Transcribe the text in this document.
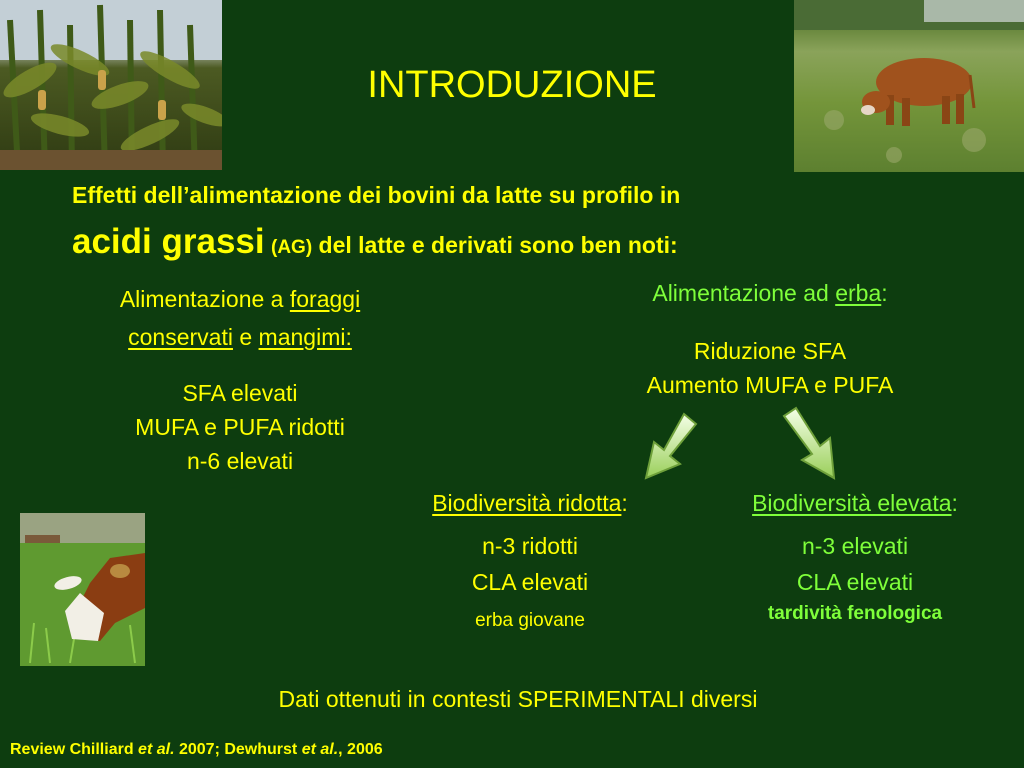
INTRODUZIONE
Effetti dell’alimentazione dei bovini da latte su profilo in
acidi grassi (AG) del latte e derivati sono ben noti:
Alimentazione a foraggi
conservati e mangimi:
SFA elevati
MUFA e PUFA ridotti
n-6 elevati
Alimentazione ad erba:
Riduzione SFA
Aumento MUFA e PUFA
Biodiversità ridotta:
n-3 ridotti
CLA elevati
erba giovane
Biodiversità elevata:
n-3 elevati
CLA elevati
tardività fenologica
Dati ottenuti in contesti SPERIMENTALI diversi
Review Chilliard et al. 2007; Dewhurst et al., 2006
